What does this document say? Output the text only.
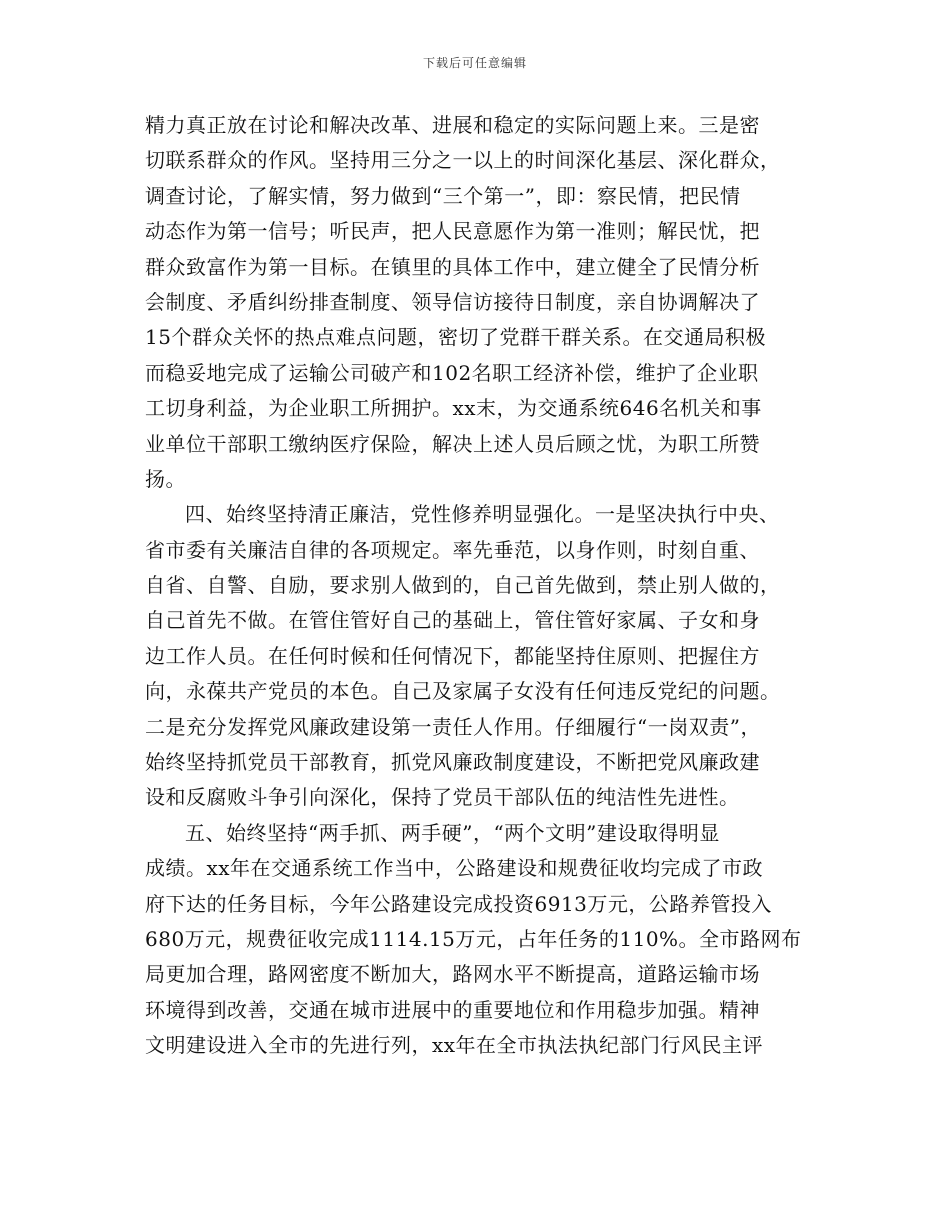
下载后可任意编辑
精力真正放在讨论和解决改革、进展和稳定的实际问题上来。三是密
切联系群众的作风。坚持用三分之一以上的时间深化基层、深化群众，
调查讨论，了解实情，努力做到“三个第一”，即：察民情，把民情
动态作为第一信号；听民声，把人民意愿作为第一准则；解民忧，把
群众致富作为第一目标。在镇里的具体工作中，建立健全了民情分析
会制度、矛盾纠纷排查制度、领导信访接待日制度，亲自协调解决了
15个群众关怀的热点难点问题，密切了党群干群关系。在交通局积极
而稳妥地完成了运输公司破产和102名职工经济补偿，维护了企业职
工切身利益，为企业职工所拥护。xx末，为交通系统646名机关和事
业单位干部职工缴纳医疗保险，解决上述人员后顾之忧，为职工所赞
扬。
四、始终坚持清正廉洁，党性修养明显强化。一是坚决执行中央、
省市委有关廉洁自律的各项规定。率先垂范，以身作则，时刻自重、
自省、自警、自励，要求别人做到的，自己首先做到，禁止别人做的，
自己首先不做。在管住管好自己的基础上，管住管好家属、子女和身
边工作人员。在任何时候和任何情况下，都能坚持住原则、把握住方
向，永葆共产党员的本色。自己及家属子女没有任何违反党纪的问题。
二是充分发挥党风廉政建设第一责任人作用。仔细履行“一岗双责”，
始终坚持抓党员干部教育，抓党风廉政制度建设，不断把党风廉政建
设和反腐败斗争引向深化，保持了党员干部队伍的纯洁性先进性。
五、始终坚持“两手抓、两手硬”，“两个文明”建设取得明显
成绩。xx年在交通系统工作当中，公路建设和规费征收均完成了市政
府下达的任务目标，今年公路建设完成投资6913万元，公路养管投入
680万元，规费征收完成1114.15万元，占年任务的110%。全市路网布
局更加合理，路网密度不断加大，路网水平不断提高，道路运输市场
环境得到改善，交通在城市进展中的重要地位和作用稳步加强。精神
文明建设进入全市的先进行列，xx年在全市执法执纪部门行风民主评
